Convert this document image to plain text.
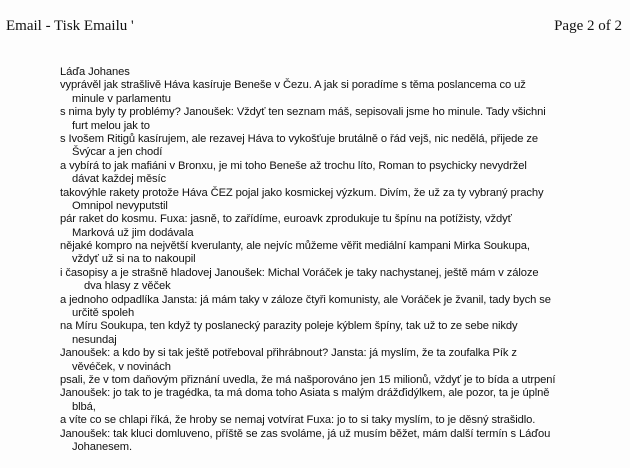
Email - Tisk Emailu '	Page 2 of 2
Láďa Johanes
vyprávěl jak strašlivě Háva kasíruje Beneše v Čezu. A jak si poradíme s těma poslancema co už
minule v parlamentu
s nima byly ty problémy? Janoušek: Vždyť ten seznam máš, sepisovali jsme ho minule. Tady všichni
furt melou jak to
s Ivošem Ritigů kasírujem, ale rezavej Háva to vykošťuje brutálně o řád vejš, nic nedělá, přijede ze
Švýcar a jen chodí
a vybírá to jak mafiáni v Bronxu, je mi toho Beneše až trochu líto, Roman to psychicky nevydržel
dávat každej měsíc
takovýhle rakety protože Háva ČEZ pojal jako kosmickej výzkum. Divím, že už za ty vybraný prachy
Omnipol nevyputstil
pár raket do kosmu. Fuxa: jasně, to zařídíme, euroavk zprodukuje tu špínu na potížisty, vždyť
Marková už jim dodávala
nějaké kompro na největší kverulanty, ale nejvíc můžeme věřit mediální kampani Mirka Soukupa,
vždyť už si na to nakoupil
i časopisy a je strašně hladovej Janoušek: Michal Voráček je taky nachystanej, ještě mám v záloze
dva hlasy z věček
a jednoho odpadlíka Jansta: já mám taky v záloze čtyři komunisty, ale Voráček je žvanil, tady bych se
určitě spoleh
na Míru Soukupa, ten když ty poslanecký parazity poleje kýblem špíny, tak už to ze sebe nikdy
nesundaj
Janoušek: a kdo by si tak ještě potřeboval přihrábnout? Jansta: já myslím, že ta zoufalka Pík z
věvéček, v novinách
psali, že v tom daňovým přiznání uvedla, že má našporováno jen 15 milionů, vždyť je to bída a utrpení
Janoušek: jo tak to je tragédka, ta má doma toho Asiata s malým drážďidýlkem, ale pozor, ta je úplně
blbá,
a víte co se chlapi říká, že hroby se nemaj votvírat Fuxa: jo to si taky myslím, to je děsný strašidlo.
Janoušek: tak kluci domluveno, příště se zas svoláme, já už musím běžet, mám další termín s Láďou
Johanesem.
